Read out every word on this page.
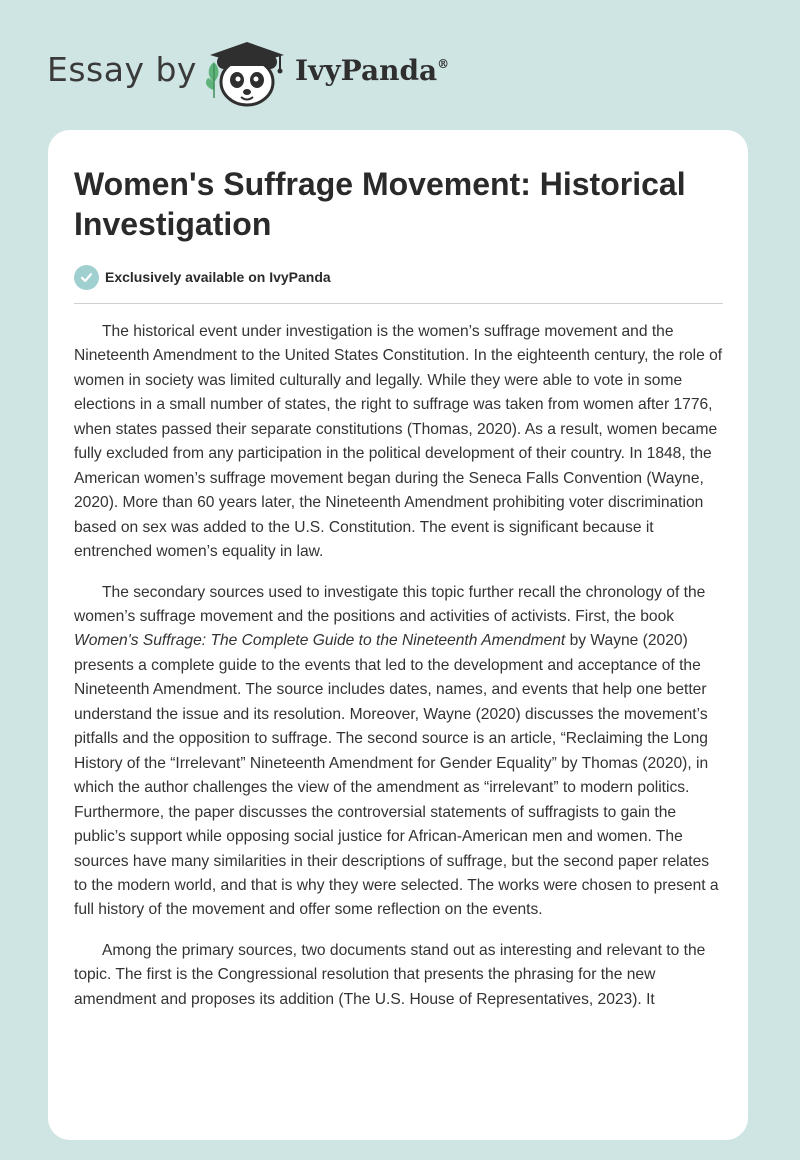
Essay by	IvyPanda®
Women's Suffrage Movement: Historical Investigation
Exclusively available on IvyPanda

The historical event under investigation is the women’s suffrage movement and the Nineteenth Amendment to the United States Constitution. In the eighteenth century, the role of women in society was limited culturally and legally. While they were able to vote in some elections in a small number of states, the right to suffrage was taken from women after 1776, when states passed their separate constitutions (Thomas, 2020). As a result, women became fully excluded from any participation in the political development of their country. In 1848, the American women’s suffrage movement began during the Seneca Falls Convention (Wayne, 2020). More than 60 years later, the Nineteenth Amendment prohibiting voter discrimination based on sex was added to the U.S. Constitution. The event is significant because it entrenched women’s equality in law.

The secondary sources used to investigate this topic further recall the chronology of the women’s suffrage movement and the positions and activities of activists. First, the book Women's Suffrage: The Complete Guide to the Nineteenth Amendment by Wayne (2020) presents a complete guide to the events that led to the development and acceptance of the Nineteenth Amendment. The source includes dates, names, and events that help one better understand the issue and its resolution. Moreover, Wayne (2020) discusses the movement’s pitfalls and the opposition to suffrage. The second source is an article, “Reclaiming the Long History of the “Irrelevant” Nineteenth Amendment for Gender Equality” by Thomas (2020), in which the author challenges the view of the amendment as “irrelevant” to modern politics. Furthermore, the paper discusses the controversial statements of suffragists to gain the public’s support while opposing social justice for African-American men and women. The sources have many similarities in their descriptions of suffrage, but the second paper relates to the modern world, and that is why they were selected. The works were chosen to present a full history of the movement and offer some reflection on the events.

Among the primary sources, two documents stand out as interesting and relevant to the topic. The first is the Congressional resolution that presents the phrasing for the new amendment and proposes its addition (The U.S. House of Representatives, 2023). It
